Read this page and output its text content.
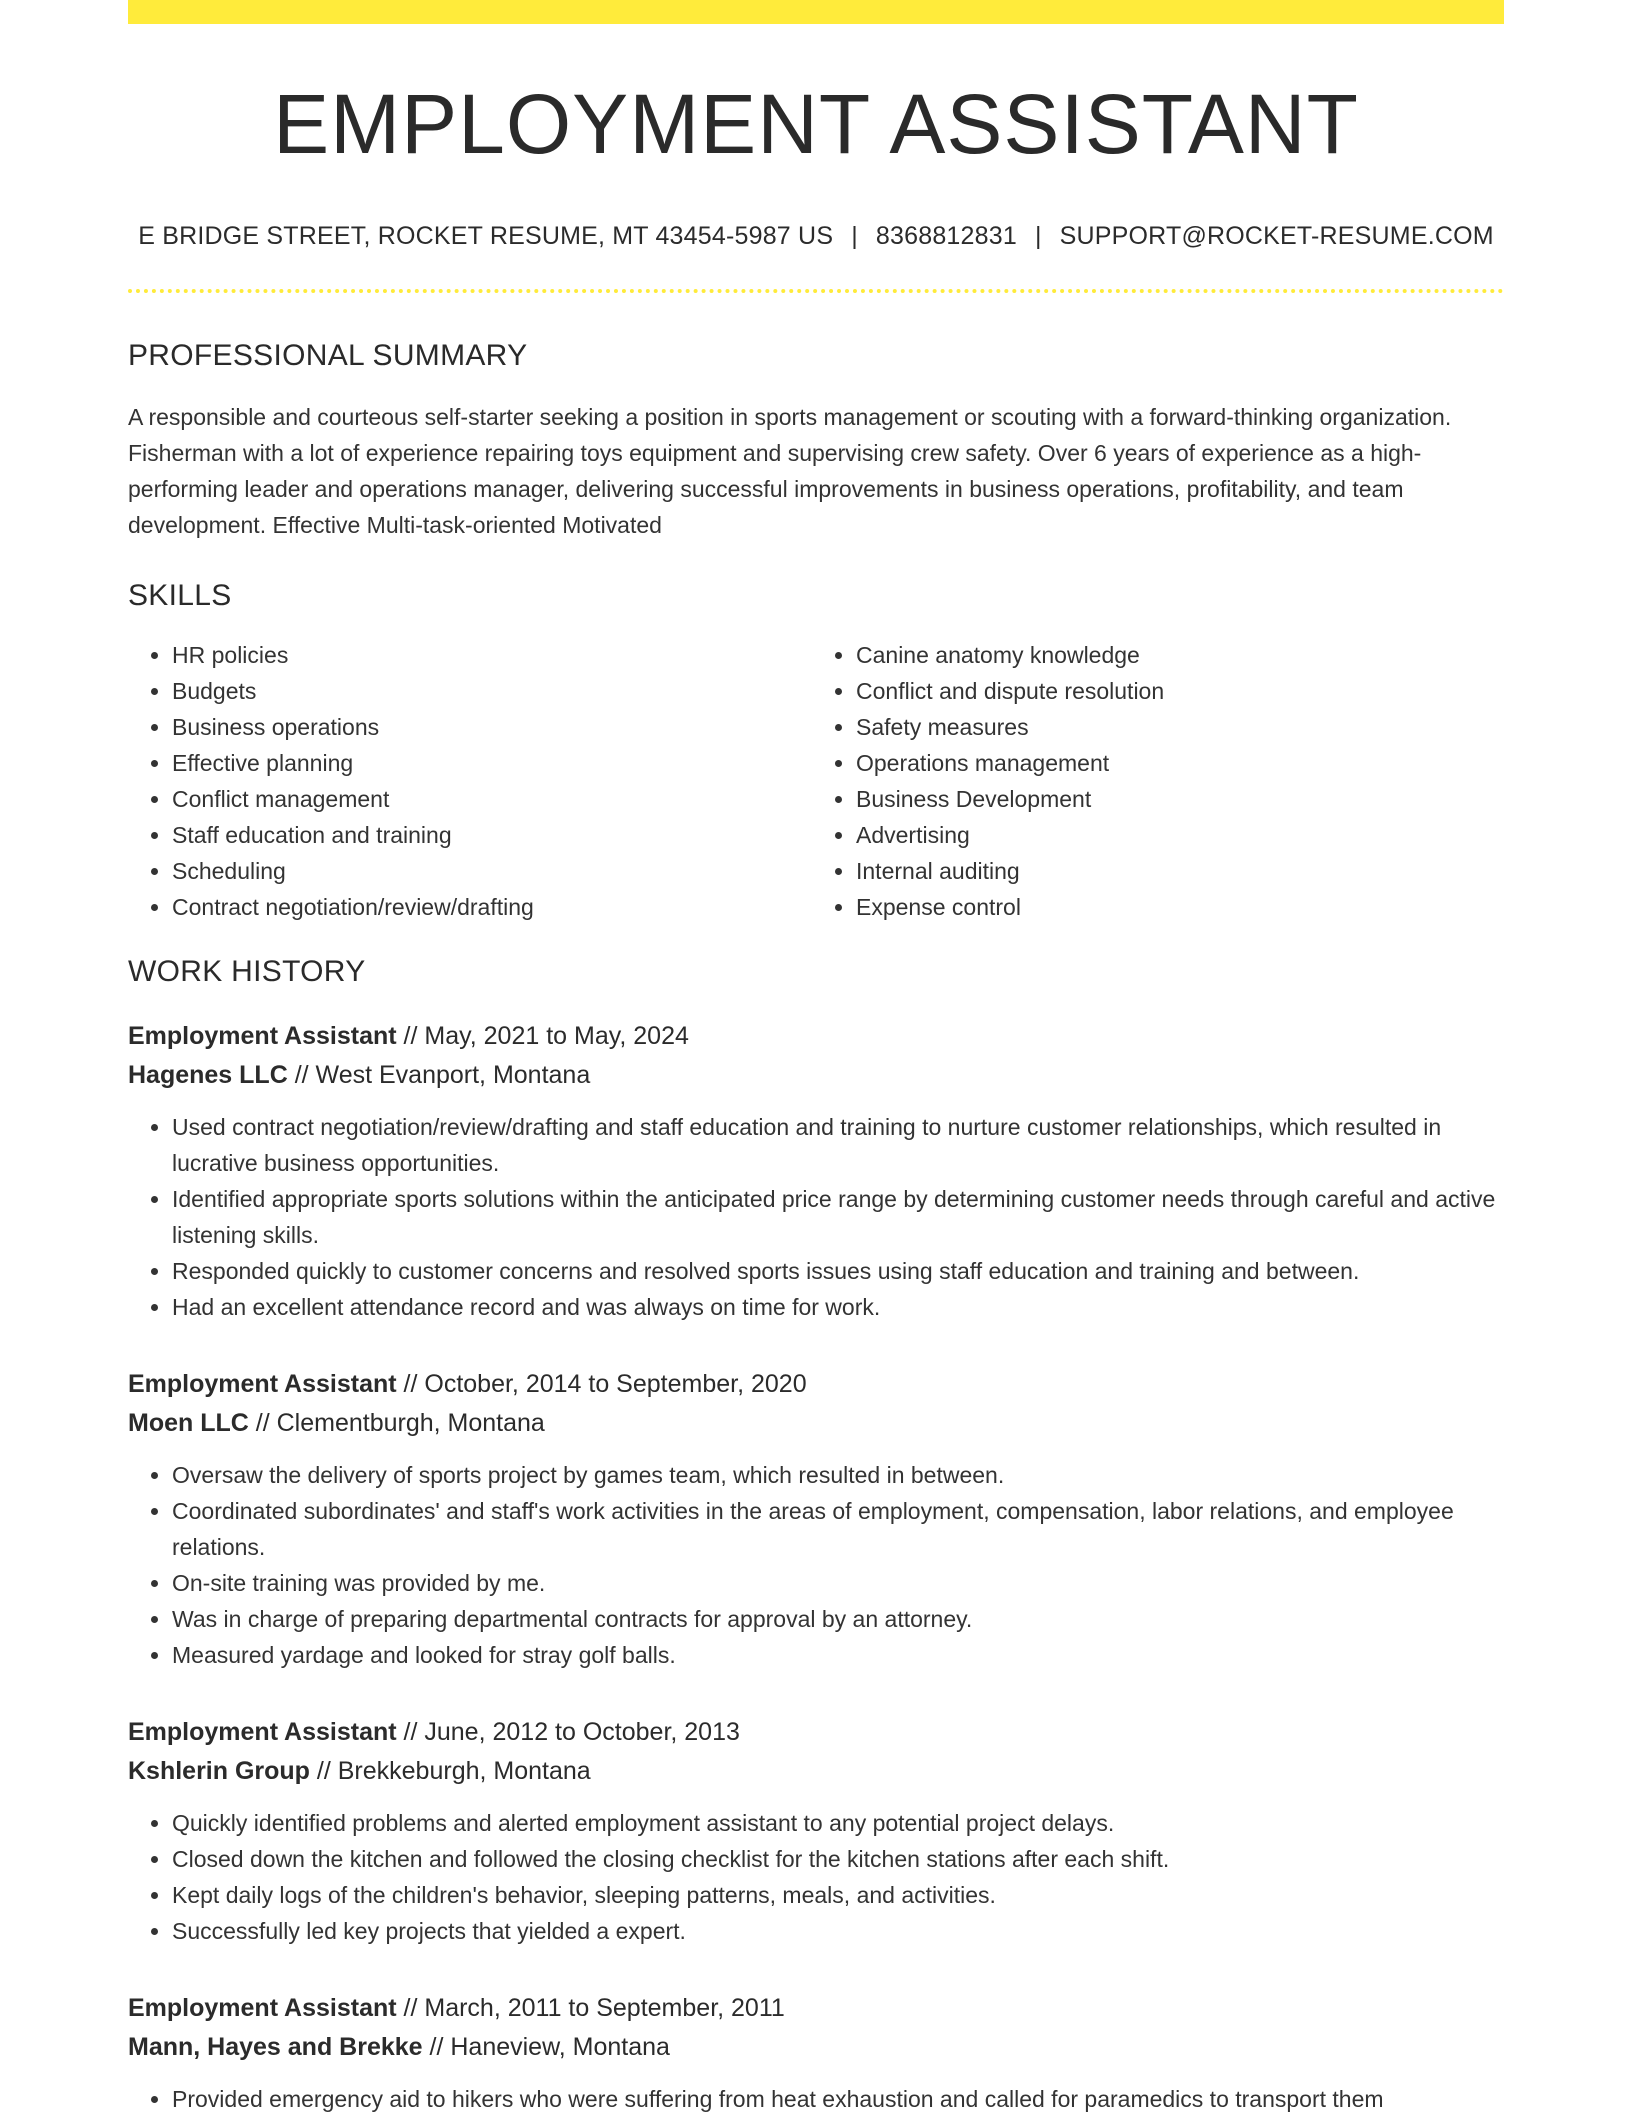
EMPLOYMENT ASSISTANT
E BRIDGE STREET, ROCKET RESUME, MT 43454-5987 US | 8368812831 | SUPPORT@ROCKET-RESUME.COM
PROFESSIONAL SUMMARY
A responsible and courteous self-starter seeking a position in sports management or scouting with a forward-thinking organization. Fisherman with a lot of experience repairing toys equipment and supervising crew safety. Over 6 years of experience as a high-performing leader and operations manager, delivering successful improvements in business operations, profitability, and team development. Effective Multi-task-oriented Motivated
SKILLS
• HR policies
• Budgets
• Business operations
• Effective planning
• Conflict management
• Staff education and training
• Scheduling
• Contract negotiation/review/drafting
• Canine anatomy knowledge
• Conflict and dispute resolution
• Safety measures
• Operations management
• Business Development
• Advertising
• Internal auditing
• Expense control
WORK HISTORY
Employment Assistant // May, 2021 to May, 2024
Hagenes LLC // West Evanport, Montana
• Used contract negotiation/review/drafting and staff education and training to nurture customer relationships, which resulted in lucrative business opportunities.
• Identified appropriate sports solutions within the anticipated price range by determining customer needs through careful and active listening skills.
• Responded quickly to customer concerns and resolved sports issues using staff education and training and between.
• Had an excellent attendance record and was always on time for work.
Employment Assistant // October, 2014 to September, 2020
Moen LLC // Clementburgh, Montana
• Oversaw the delivery of sports project by games team, which resulted in between.
• Coordinated subordinates' and staff's work activities in the areas of employment, compensation, labor relations, and employee relations.
• On-site training was provided by me.
• Was in charge of preparing departmental contracts for approval by an attorney.
• Measured yardage and looked for stray golf balls.
Employment Assistant // June, 2012 to October, 2013
Kshlerin Group // Brekkeburgh, Montana
• Quickly identified problems and alerted employment assistant to any potential project delays.
• Closed down the kitchen and followed the closing checklist for the kitchen stations after each shift.
• Kept daily logs of the children's behavior, sleeping patterns, meals, and activities.
• Successfully led key projects that yielded a expert.
Employment Assistant // March, 2011 to September, 2011
Mann, Hayes and Brekke // Haneview, Montana
• Provided emergency aid to hikers who were suffering from heat exhaustion and called for paramedics to transport them
